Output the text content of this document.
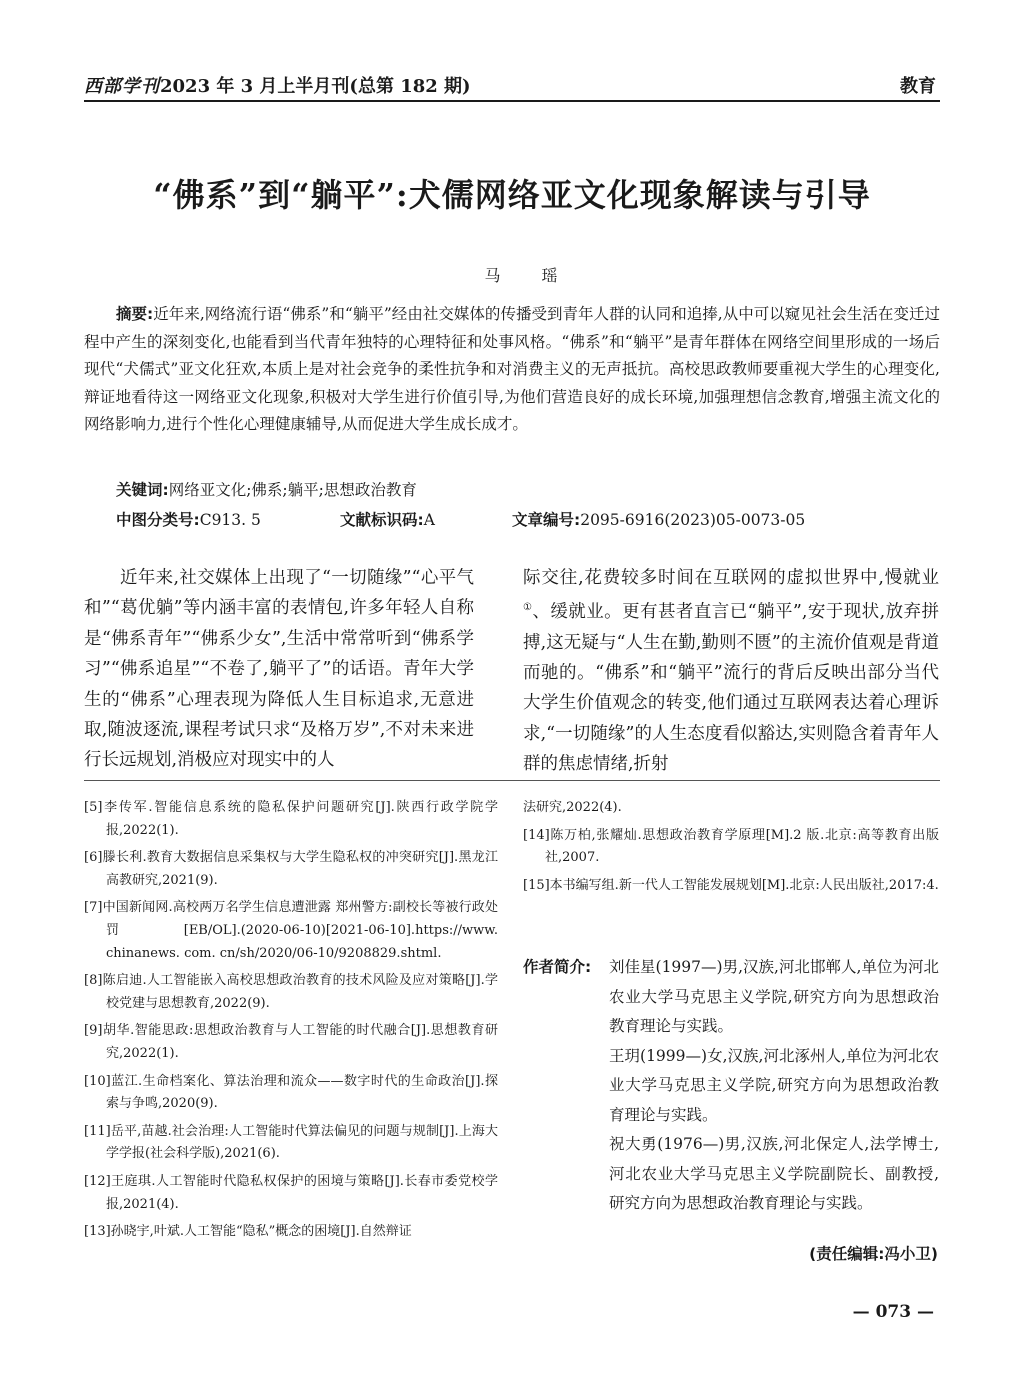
西部学刊2023 年 3 月上半月刊(总第 182 期)	教育
“佛系”到“躺平”:犬儒网络亚文化现象解读与引导
马 瑶
摘要:近年来,网络流行语“佛系”和“躺平”经由社交媒体的传播受到青年人群的认同和追捧,从中可以窥见社会生活在变迁过程中产生的深刻变化,也能看到当代青年独特的心理特征和处事风格。“佛系”和“躺平”是青年群体在网络空间里形成的一场后现代“犬儒式”亚文化狂欢,本质上是对社会竞争的柔性抗争和对消费主义的无声抵抗。高校思政教师要重视大学生的心理变化,辩证地看待这一网络亚文化现象,积极对大学生进行价值引导,为他们营造良好的成长环境,加强理想信念教育,增强主流文化的网络影响力,进行个性化心理健康辅导,从而促进大学生成长成才。
关键词:网络亚文化;佛系;躺平;思想政治教育
中图分类号:C913. 5	文献标识码:A	文章编号:2095-6916(2023)05-0073-05

近年来,社交媒体上出现了“一切随缘”“心平气和”“葛优躺”等内涵丰富的表情包,许多年轻人自称是“佛系青年”“佛系少女”,生活中常常听到“佛系学习”“佛系追星”“不卷了,躺平了”的话语。青年大学生的“佛系”心理表现为降低人生目标追求,无意进取,随波逐流,课程考试只求“及格万岁”,不对未来进行长远规划,消极应对现实中的人

际交往,花费较多时间在互联网的虚拟世界中,慢就业①、缓就业。更有甚者直言已“躺平”,安于现状,放弃拼搏,这无疑与“人生在勤,勤则不匮”的主流价值观是背道而驰的。“佛系”和“躺平”流行的背后反映出部分当代大学生价值观念的转变,他们通过互联网表达着心理诉求,“一切随缘”的人生态度看似豁达,实则隐含着青年人群的焦虑情绪,折射

[5]李传军.智能信息系统的隐私保护问题研究[J].陕西行政学院学报,2022(1).
[6]滕长利.教育大数据信息采集权与大学生隐私权的冲突研究[J].黑龙江高教研究,2021(9).
[7]中国新闻网.高校两万名学生信息遭泄露 郑州警方:副校长等被行政处罚[EB/OL].(2020-06-10)[2021-06-10].https://www. chinanews. com. cn/sh/2020/06-10/9208829.shtml.
[8]陈启迪.人工智能嵌入高校思想政治教育的技术风险及应对策略[J].学校党建与思想教育,2022(9).
[9]胡华.智能思政:思想政治教育与人工智能的时代融合[J].思想教育研究,2022(1).
[10]蓝江.生命档案化、算法治理和流众——数字时代的生命政治[J].探索与争鸣,2020(9).
[11]岳平,苗越.社会治理:人工智能时代算法偏见的问题与规制[J].上海大学学报(社会科学版),2021(6).
[12]王庭琪.人工智能时代隐私权保护的困境与策略[J].长春市委党校学报,2021(4).
[13]孙晓宇,叶斌.人工智能“隐私”概念的困境[J].自然辩证
法研究,2022(4).
[14]陈万柏,张耀灿.思想政治教育学原理[M].2 版.北京:高等教育出版社,2007.
[15]本书编写组.新一代人工智能发展规划[M].北京:人民出版社,2017:4.
作者简介: 刘佳星(1997—)男,汉族,河北邯郸人,单位为河北农业大学马克思主义学院,研究方向为思想政治教育理论与实践。

王玥(1999—)女,汉族,河北涿州人,单位为河北农业大学马克思主义学院,研究方向为思想政治教育理论与实践。

祝大勇(1976—)男,汉族,河北保定人,法学博士,河北农业大学马克思主义学院副院长、副教授,研究方向为思想政治教育理论与实践。

(责任编辑:冯小卫)
— 073 —
